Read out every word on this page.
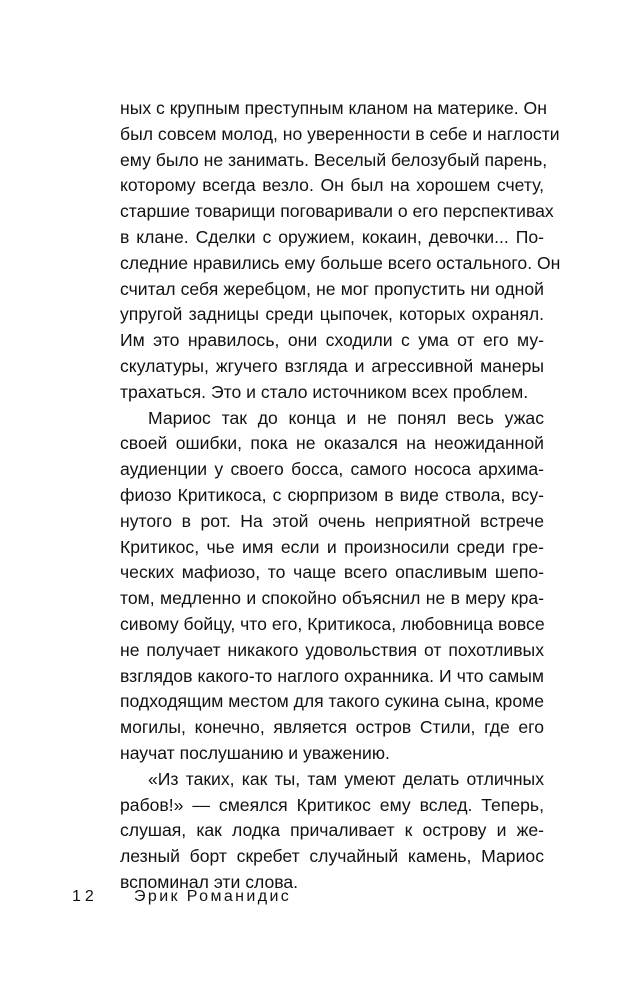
ных с крупным преступным кланом на материке. Он
был совсем молод, но уверенности в себе и наглости
ему было не занимать. Веселый белозубый парень,
которому всегда везло. Он был на хорошем счету,
старшие товарищи поговаривали о его перспективах
в клане. Сделки с оружием, кокаин, девочки... По-
следние нравились ему больше всего остального. Он
считал себя жеребцом, не мог пропустить ни одной
упругой задницы среди цыпочек, которых охранял.
Им это нравилось, они сходили с ума от его му-
скулатуры, жгучего взгляда и агрессивной манеры
трахаться. Это и стало источником всех проблем.
Мариос так до конца и не понял весь ужас
своей ошибки, пока не оказался на неожиданной
аудиенции у своего босса, самого нососа архима-
фиозо Критикоса, с сюрпризом в виде ствола, всу-
нутого в рот. На этой очень неприятной встрече
Критикос, чье имя если и произносили среди гре-
ческих мафиозо, то чаще всего опасливым шепо-
том, медленно и спокойно объяснил не в меру кра-
сивому бойцу, что его, Критикоса, любовница вовсе
не получает никакого удовольствия от похотливых
взглядов какого-то наглого охранника. И что самым
подходящим местом для такого сукина сына, кроме
могилы, конечно, является остров Стили, где его
научат послушанию и уважению.
«Из таких, как ты, там умеют делать отличных
рабов!» — смеялся Критикос ему вслед. Теперь,
слушая, как лодка причаливает к острову и же-
лезный борт скребет случайный камень, Мариос
вспоминал эти слова.
12 Эрик Романидис
